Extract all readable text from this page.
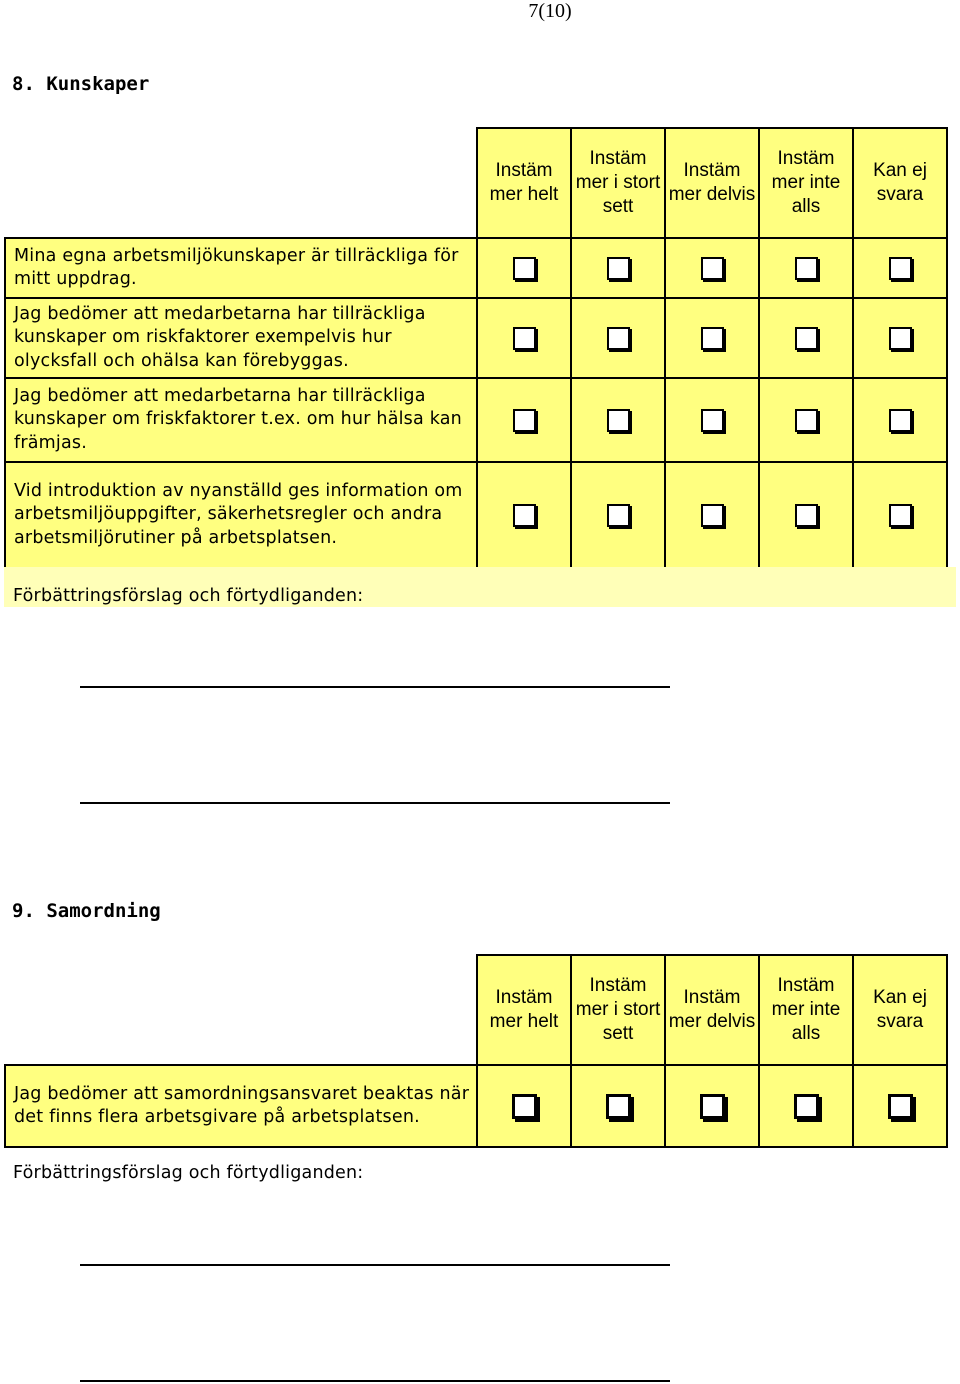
7(10)
8. Kunskaper
	Instäm mer helt	Instäm mer i stort sett	Instäm mer delvis	Instäm mer inte alls	Kan ej svara
Mina egna arbetsmiljökunskaper är tillräckliga för mitt uppdrag.					
Jag bedömer att medarbetarna har tillräckliga kunskaper om riskfaktorer exempelvis hur olycksfall och ohälsa kan förebyggas.					
Jag bedömer att medarbetarna har tillräckliga kunskaper om friskfaktorer t.ex. om hur hälsa kan främjas.					
Vid introduktion av nyanställd ges information om arbetsmiljöuppgifter, säkerhetsregler och andra arbetsmiljörutiner på arbetsplatsen.					
Förbättringsförslag och förtydliganden:
9. Samordning
	Instäm mer helt	Instäm mer i stort sett	Instäm mer delvis	Instäm mer inte alls	Kan ej svara
Jag bedömer att samordningsansvaret beaktas när det finns flera arbetsgivare på arbetsplatsen.					
Förbättringsförslag och förtydliganden:
